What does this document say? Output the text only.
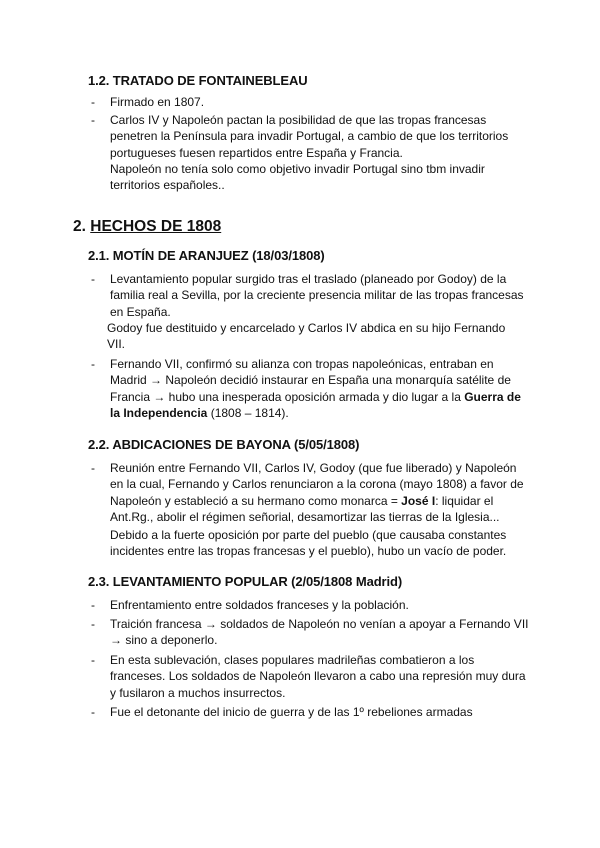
1.2. TRATADO DE FONTAINEBLEAU
- Firmado en 1807.
- Carlos IV y Napoleón pactan la posibilidad de que las tropas francesas penetren la Península para invadir Portugal, a cambio de que los territorios portugueses fuesen repartidos entre España y Francia.
Napoleón no tenía solo como objetivo invadir Portugal sino tbm invadir territorios españoles..
2. HECHOS DE 1808
2.1. MOTÍN DE ARANJUEZ (18/03/1808)
- Levantamiento popular surgido tras el traslado (planeado por Godoy) de la familia real a Sevilla, por la creciente presencia militar de las tropas francesas en España.
Godoy fue destituido y encarcelado y Carlos IV abdica en su hijo Fernando VII.
- Fernando VII, confirmó su alianza con tropas napoleónicas, entraban en Madrid → Napoleón decidió instaurar en España una monarquía satélite de Francia → hubo una inesperada oposición armada y dio lugar a la Guerra de la Independencia (1808 – 1814).
2.2. ABDICACIONES DE BAYONA (5/05/1808)
- Reunión entre Fernando VII, Carlos IV, Godoy (que fue liberado) y Napoleón en la cual, Fernando y Carlos renunciaron a la corona (mayo 1808) a favor de Napoleón y estableció a su hermano como monarca = José I: liquidar el Ant.Rg., abolir el régimen señorial, desamortizar las tierras de la Iglesia...
Debido a la fuerte oposición por parte del pueblo (que causaba constantes incidentes entre las tropas francesas y el pueblo), hubo un vacío de poder.
2.3. LEVANTAMIENTO POPULAR (2/05/1808 Madrid)
- Enfrentamiento entre soldados franceses y la población.
- Traición francesa → soldados de Napoleón no venían a apoyar a Fernando VII → sino a deponerlo.
- En esta sublevación, clases populares madrileñas combatieron a los franceses. Los soldados de Napoleón llevaron a cabo una represión muy dura y fusilaron a muchos insurrectos.
- Fue el detonante del inicio de guerra y de las 1º rebeliones armadas
